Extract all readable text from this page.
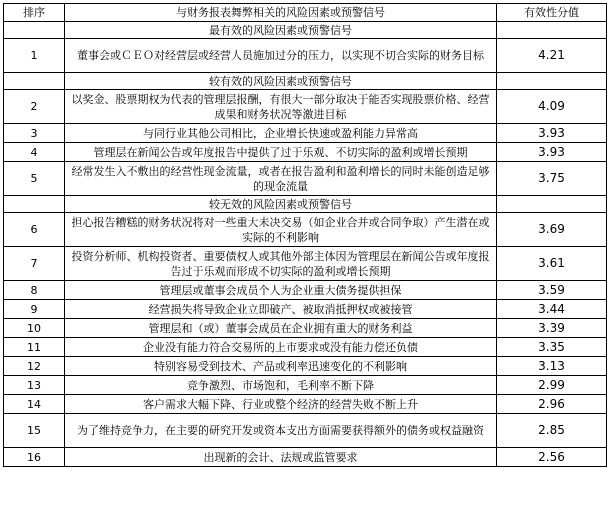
排序	与财务报表舞弊相关的风险因素或预警信号	有效性分值
	最有效的风险因素或预警信号	
1	董事会或ＣＥＯ对经营层或经营人员施加过分的压力，以实现不切合实际的财务目标	4.21
	较有效的风险因素或预警信号	
2	以奖金、股票期权为代表的管理层报酬，有很大一部分取决于能否实现股票价格、经营成果和财务状况等激进目标	4.09
3	与同行业其他公司相比，企业增长快速或盈利能力异常高	3.93
4	管理层在新闻公告或年度报告中提供了过于乐观、不切实际的盈利或增长预期	3.93
5	经常发生入不敷出的经营性现金流量，或者在报告盈利和盈利增长的同时未能创造足够的现金流量	3.75
	较无效的风险因素或预警信号	
6	担心报告糟糕的财务状况将对一些重大未决交易（如企业合并或合同争取）产生潜在或实际的不利影响	3.69
7	投资分析师、机构投资者、重要债权人或其他外部主体因为管理层在新闻公告或年度报告过于乐观而形成不切实际的盈利或增长预期	3.61
8	管理层或董事会成员个人为企业重大债务提供担保	3.59
9	经营损失将导致企业立即破产、被取消抵押权或被接管	3.44
10	管理层和（或）董事会成员在企业拥有重大的财务利益	3.39
11	企业没有能力符合交易所的上市要求或没有能力偿还负债	3.35
12	特别容易受到技术、产品或利率迅速变化的不利影响	3.13
13	竞争激烈、市场饱和，毛利率不断下降	2.99
14	客户需求大幅下降、行业或整个经济的经营失败不断上升	2.96
15	为了维持竞争力，在主要的研究开发或资本支出方面需要获得额外的债务或权益融资	2.85
16	出现新的会计、法规或监管要求	2.56
